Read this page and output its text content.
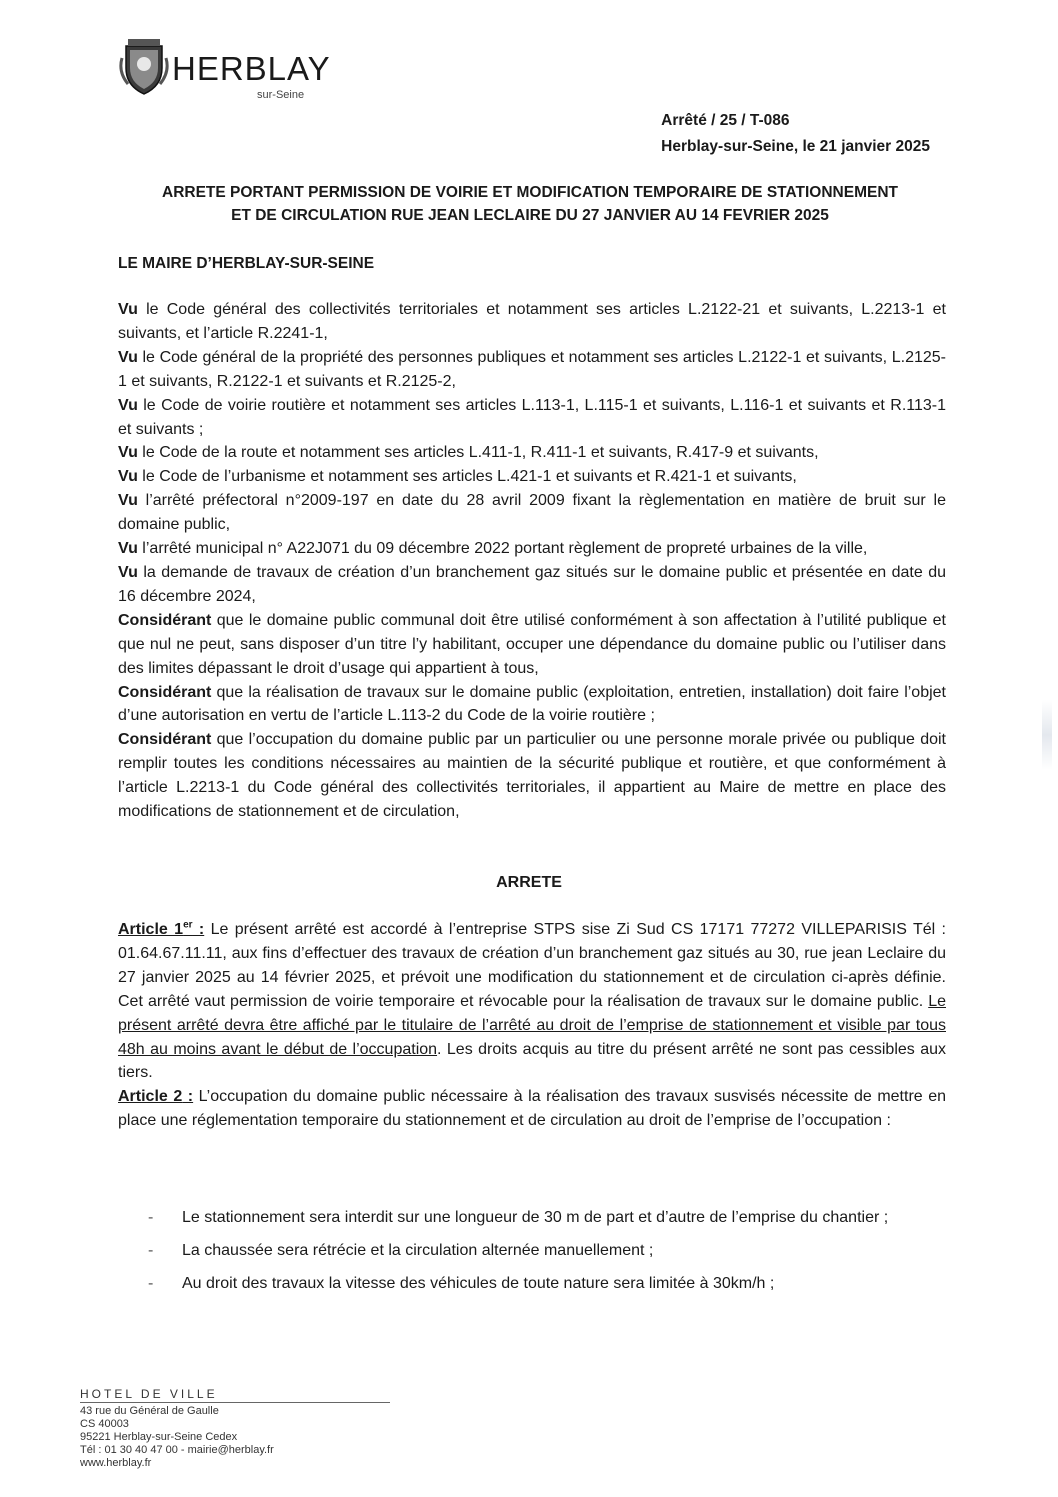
HERBLAY
sur-Seine
Arrêté / 25 / T-086
Herblay-sur-Seine, le 21 janvier 2025
ARRETE PORTANT PERMISSION DE VOIRIE ET MODIFICATION TEMPORAIRE DE STATIONNEMENT
ET DE CIRCULATION RUE JEAN LECLAIRE DU 27 JANVIER AU 14 FEVRIER 2025
LE MAIRE D’HERBLAY-SUR-SEINE

Vu le Code général des collectivités territoriales et notamment ses articles L.2122-21 et suivants, L.2213-1 et suivants, et l’article R.2241-1,

Vu le Code général de la propriété des personnes publiques et notamment ses articles L.2122-1 et suivants, L.2125-1 et suivants, R.2122-1 et suivants et R.2125-2,

Vu le Code de voirie routière et notamment ses articles L.113-1, L.115-1 et suivants, L.116-1 et suivants et R.113-1 et suivants ;

Vu le Code de la route et notamment ses articles L.411-1, R.411-1 et suivants, R.417-9 et suivants,

Vu le Code de l’urbanisme et notamment ses articles L.421-1 et suivants et R.421-1 et suivants,

Vu l’arrêté préfectoral n°2009-197 en date du 28 avril 2009 fixant la règlementation en matière de bruit sur le domaine public,

Vu l’arrêté municipal n° A22J071 du 09 décembre 2022 portant règlement de propreté urbaines de la ville,

Vu la demande de travaux de création d’un branchement gaz situés sur le domaine public et présentée en date du 16 décembre 2024,

Considérant que le domaine public communal doit être utilisé conformément à son affectation à l’utilité publique et que nul ne peut, sans disposer d’un titre l’y habilitant, occuper une dépendance du domaine public ou l’utiliser dans des limites dépassant le droit d’usage qui appartient à tous,

Considérant que la réalisation de travaux sur le domaine public (exploitation, entretien, installation) doit faire l’objet d’une autorisation en vertu de l’article L.113-2 du Code de la voirie routière ;

Considérant que l’occupation du domaine public par un particulier ou une personne morale privée ou publique doit remplir toutes les conditions nécessaires au maintien de la sécurité publique et routière, et que conformément à l’article L.2213-1 du Code général des collectivités territoriales, il appartient au Maire de mettre en place des modifications de stationnement et de circulation,

ARRETE

Article 1er : Le présent arrêté est accordé à l’entreprise STPS sise Zi Sud CS 17171 77272 VILLEPARISIS Tél : 01.64.67.11.11, aux fins d’effectuer des travaux de création d’un branchement gaz situés au 30, rue jean Leclaire du 27 janvier 2025 au 14 février 2025, et prévoit une modification du stationnement et de circulation ci-après définie. Cet arrêté vaut permission de voirie temporaire et révocable pour la réalisation de travaux sur le domaine public. Le présent arrêté devra être affiché par le titulaire de l’arrêté au droit de l’emprise de stationnement et visible par tous 48h au moins avant le début de l’occupation. Les droits acquis au titre du présent arrêté ne sont pas cessibles aux tiers.

Article 2 : L’occupation du domaine public nécessaire à la réalisation des travaux susvisés nécessite de mettre en place une réglementation temporaire du stationnement et de circulation au droit de l’emprise de l’occupation :

- Le stationnement sera interdit sur une longueur de 30 m de part et d’autre de l’emprise du chantier ;
- La chaussée sera rétrécie et la circulation alternée manuellement ;
- Au droit des travaux la vitesse des véhicules de toute nature sera limitée à 30km/h ;
HOTEL DE VILLE
43 rue du Général de Gaulle
CS 40003
95221 Herblay-sur-Seine Cedex
Tél : 01 30 40 47 00 - mairie@herblay.fr
www.herblay.fr
